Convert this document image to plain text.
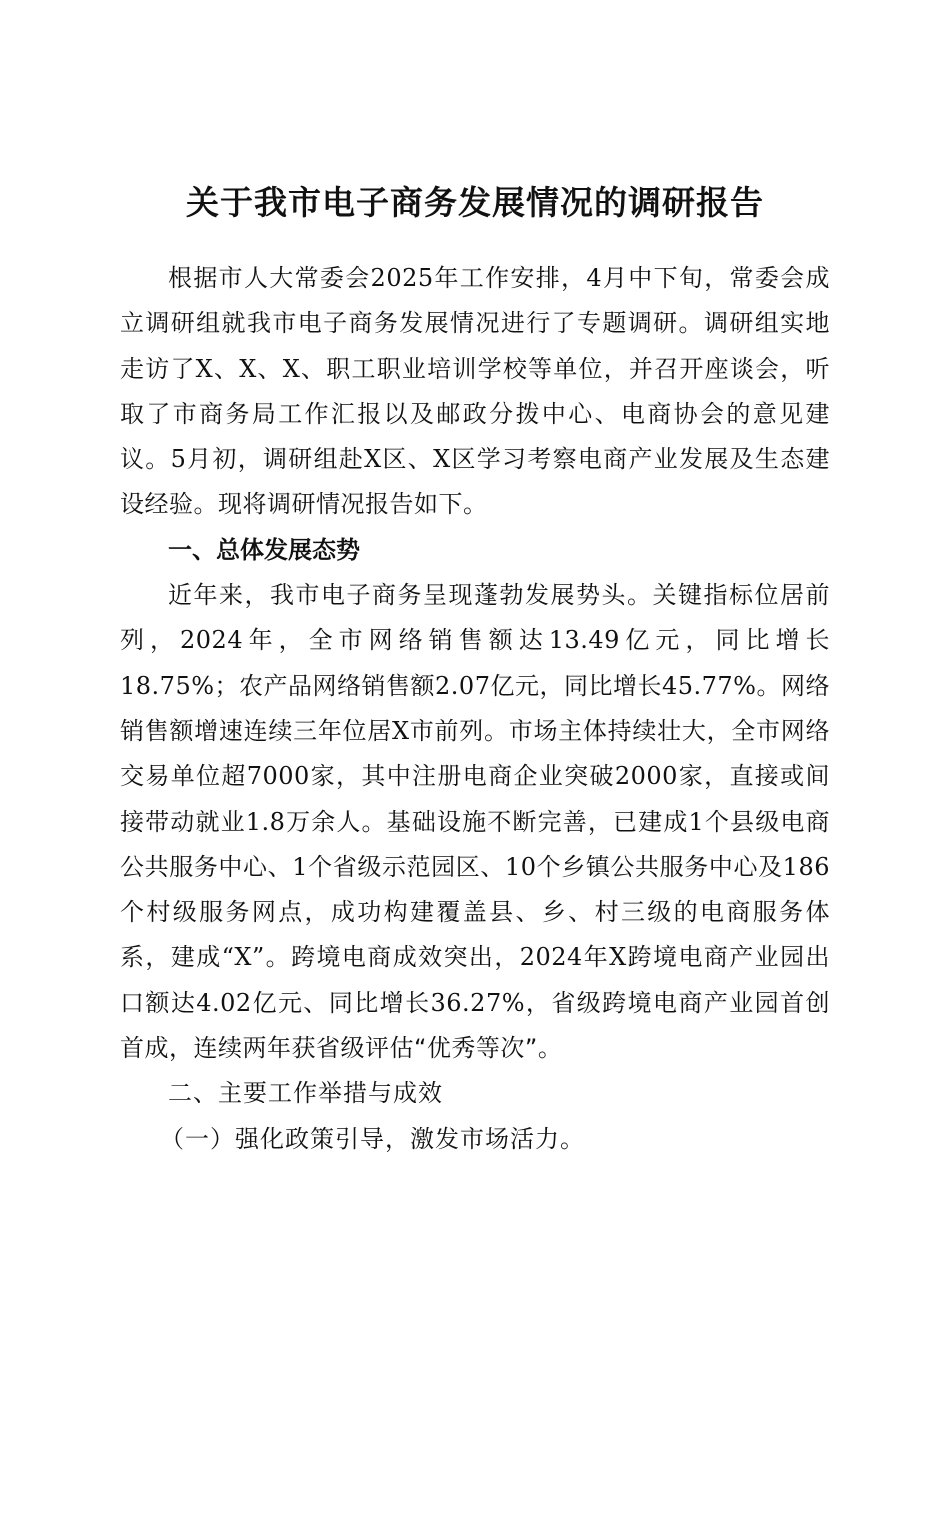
关于我市电子商务发展情况的调研报告

根据市人大常委会2025年工作安排，4月中下旬，常委会成立调研组就我市电子商务发展情况进行了专题调研。调研组实地走访了X、X、X、职工职业培训学校等单位，并召开座谈会，听取了市商务局工作汇报以及邮政分拨中心、电商协会的意见建议。5月初，调研组赴X区、X区学习考察电商产业发展及生态建设经验。现将调研情况报告如下。

一、总体发展态势

近年来，我市电子商务呈现蓬勃发展势头。关键指标位居前列，2024年，全市网络销售额达13.49亿元，同比增长18.75%；农产品网络销售额2.07亿元，同比增长45.77%。网络销售额增速连续三年位居X市前列。市场主体持续壮大，全市网络交易单位超7000家，其中注册电商企业突破2000家，直接或间接带动就业1.8万余人。基础设施不断完善，已建成1个县级电商公共服务中心、1个省级示范园区、10个乡镇公共服务中心及186个村级服务网点，成功构建覆盖县、乡、村三级的电商服务体系，建成“X”。跨境电商成效突出，2024年X跨境电商产业园出口额达4.02亿元、同比增长36.27%，省级跨境电商产业园首创首成，连续两年获省级评估“优秀等次”。

二、主要工作举措与成效

（一）强化政策引导，激发市场活力。
